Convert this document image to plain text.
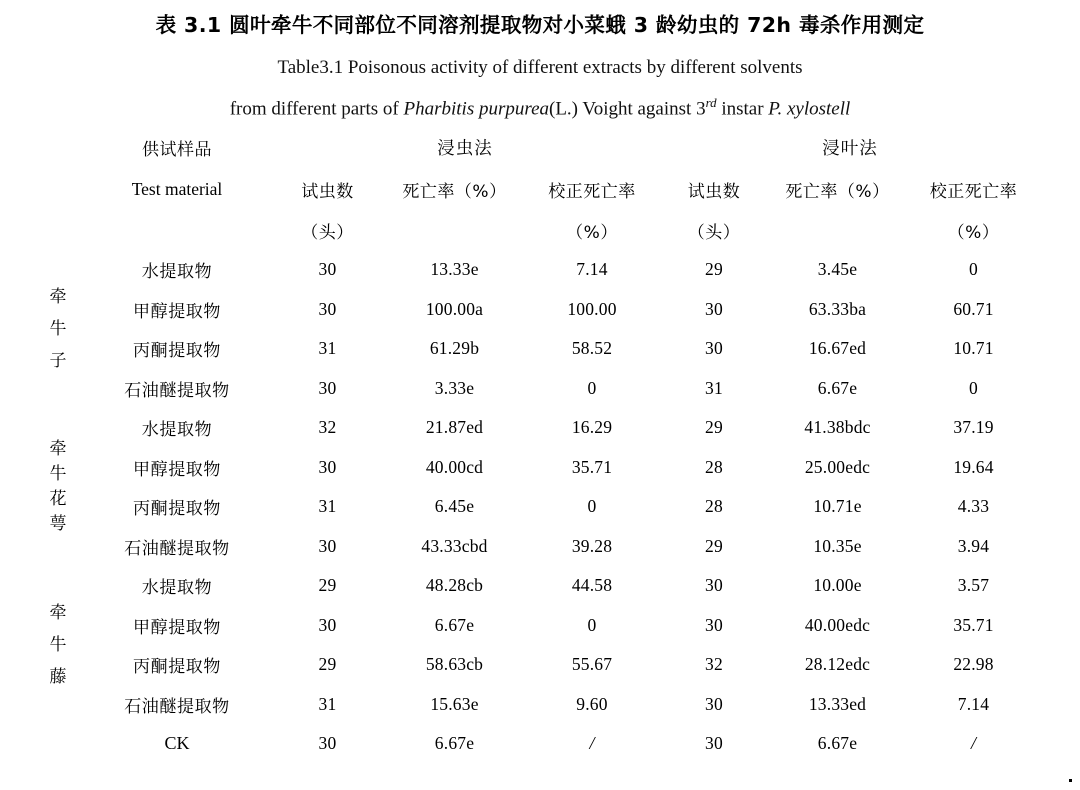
表 3.1 圆叶牵牛不同部位不同溶剂提取物对小菜蛾 3 龄幼虫的 72h 毒杀作用测定
Table3.1 Poisonous activity of different extracts by different solvents
from different parts of Pharbitis purpurea(L.) Voight against 3rd instar P. xylostell

	供试样品	浸虫法			浸叶法		

	Test material	试虫数	死亡率（%）	校正死亡率	试虫数	死亡率（%）	校正死亡率
		（头）		（%）	（头）		（%）

牵
牛
子	水提取物	30	13.33e	7.14	29	3.45e	0
	甲醇提取物	30	100.00a	100.00	30	63.33ba	60.71
	丙酮提取物	31	61.29b	58.52	30	16.67ed	10.71
	石油醚提取物	30	3.33e	0	31	6.67e	0

牵
牛
花
萼	水提取物	32	21.87ed	16.29	29	41.38bdc	37.19
	甲醇提取物	30	40.00cd	35.71	28	25.00edc	19.64
	丙酮提取物	31	6.45e	0	28	10.71e	4.33
	石油醚提取物	30	43.33cbd	39.28	29	10.35e	3.94

牵
牛
藤	水提取物	29	48.28cb	44.58	30	10.00e	3.57
	甲醇提取物	30	6.67e	0	30	40.00edc	35.71
	丙酮提取物	29	58.63cb	55.67	32	28.12edc	22.98
	石油醚提取物	31	15.63e	9.60	30	13.33ed	7.14
	CK	30	6.67e	/	30	6.67e	/
